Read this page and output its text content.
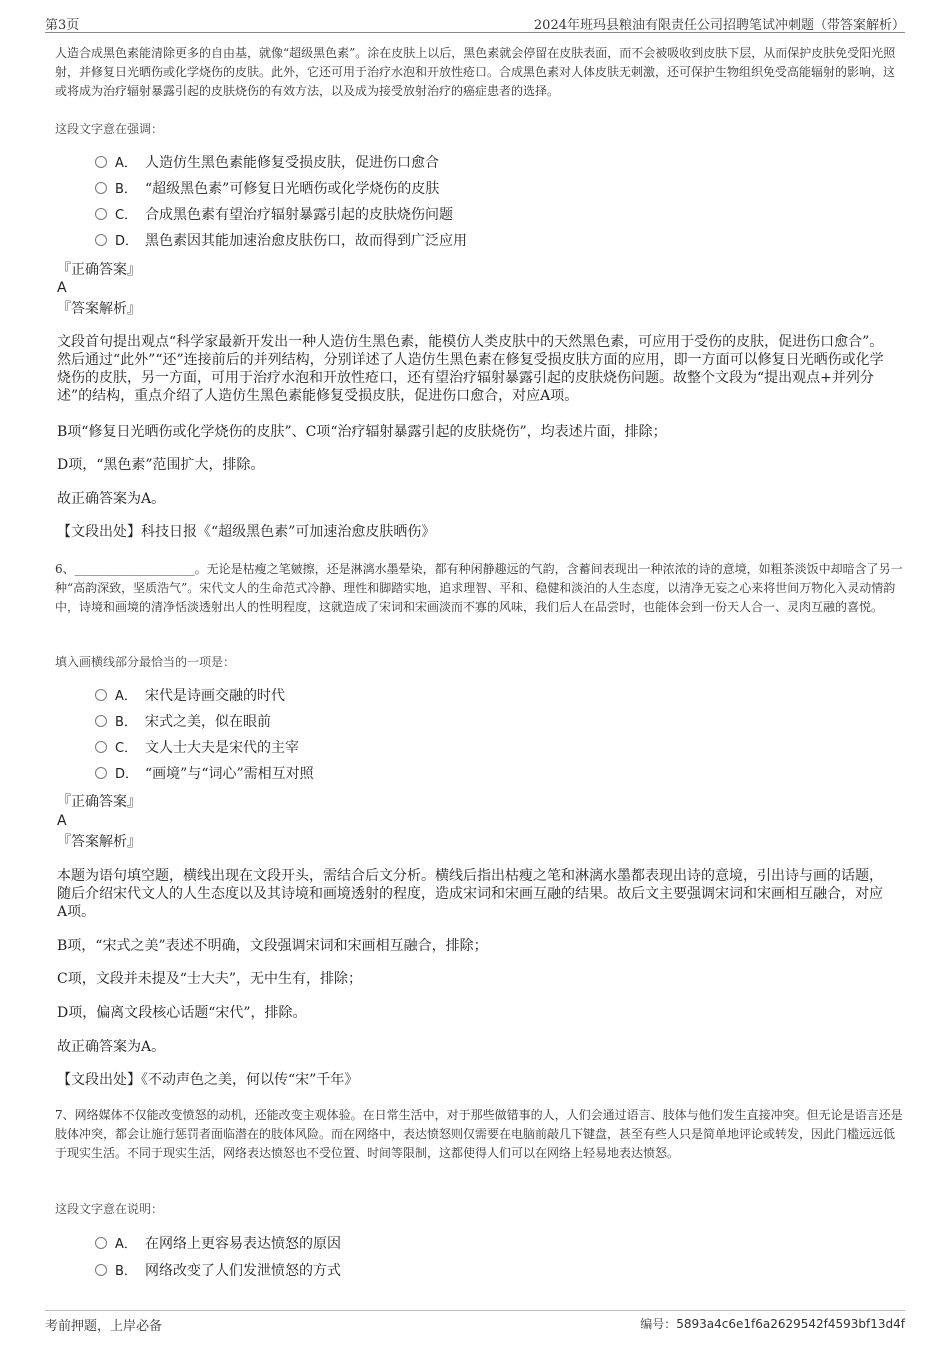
第3页	2024年班玛县粮油有限责任公司招聘笔试冲刺题（带答案解析）

人造合成黑色素能清除更多的自由基，就像“超级黑色素”。涂在皮肤上以后，黑色素就会停留在皮肤表面，而不会被吸收到皮肤下层，从而保护皮肤免受阳光照射，并修复日光晒伤或化学烧伤的皮肤。此外，它还可用于治疗水泡和开放性疮口。合成黑色素对人体皮肤无刺激，还可保护生物组织免受高能辐射的影响，这或将成为治疗辐射暴露引起的皮肤烧伤的有效方法，以及成为接受放射治疗的癌症患者的选择。

这段文字意在强调：

A． 人造仿生黑色素能修复受损皮肤，促进伤口愈合
B． “超级黑色素”可修复日光晒伤或化学烧伤的皮肤
C． 合成黑色素有望治疗辐射暴露引起的皮肤烧伤问题
D． 黑色素因其能加速治愈皮肤伤口，故而得到广泛应用
『正确答案』
A
『答案解析』

文段首句提出观点“科学家最新开发出一种人造仿生黑色素，能模仿人类皮肤中的天然黑色素，可应用于受伤的皮肤，促进伤口愈合”。然后通过“此外”“还”连接前后的并列结构，分别详述了人造仿生黑色素在修复受损皮肤方面的应用，即一方面可以修复日光晒伤或化学烧伤的皮肤，另一方面，可用于治疗水泡和开放性疮口，还有望治疗辐射暴露引起的皮肤烧伤问题。故整个文段为“提出观点+并列分述”的结构，重点介绍了人造仿生黑色素能修复受损皮肤，促进伤口愈合，对应A项。

B项“修复日光晒伤或化学烧伤的皮肤”、C项“治疗辐射暴露引起的皮肤烧伤”，均表述片面，排除；

D项，“黑色素”范围扩大，排除。

故正确答案为A。

【文段出处】科技日报《“超级黑色素”可加速治愈皮肤晒伤》

6、____________________。无论是枯瘦之笔皴擦，还是淋漓水墨晕染，都有种闲静趣远的气韵，含蓄间表现出一种浓浓的诗的意境，如粗茶淡饭中却暗含了另一种“高韵深致，坚质浩气”。宋代文人的生命范式冷静、理性和脚踏实地，追求理智、平和、稳健和淡泊的人生态度，以清净无妄之心来将世间万物化入灵动情韵中，诗境和画境的清净恬淡透射出人的性明程度，这就造成了宋词和宋画淡而不寡的风味，我们后人在品尝时，也能体会到一份天人合一、灵肉互融的喜悦。

填入画横线部分最恰当的一项是：

A． 宋代是诗画交融的时代
B． 宋式之美，似在眼前
C． 文人士大夫是宋代的主宰
D． “画境”与“词心”需相互对照
『正确答案』
A
『答案解析』

本题为语句填空题，横线出现在文段开头，需结合后文分析。横线后指出枯瘦之笔和淋漓水墨都表现出诗的意境，引出诗与画的话题，随后介绍宋代文人的人生态度以及其诗境和画境透射的程度，造成宋词和宋画互融的结果。故后文主要强调宋词和宋画相互融合，对应A项。

B项，“宋式之美”表述不明确，文段强调宋词和宋画相互融合，排除；

C项，文段并未提及“士大夫”，无中生有，排除；

D项，偏离文段核心话题“宋代”，排除。

故正确答案为A。

【文段出处】《不动声色之美，何以传“宋”千年》

7、网络媒体不仅能改变愤怒的动机，还能改变主观体验。在日常生活中，对于那些做错事的人，人们会通过语言、肢体与他们发生直接冲突。但无论是语言还是肢体冲突，都会让施行惩罚者面临潜在的肢体风险。而在网络中，表达愤怒则仅需要在电脑前敲几下键盘，甚至有些人只是简单地评论或转发，因此门槛远远低于现实生活。不同于现实生活，网络表达愤怒也不受位置、时间等限制，这都使得人们可以在网络上轻易地表达愤怒。

这段文字意在说明：

A． 在网络上更容易表达愤怒的原因
B． 网络改变了人们发泄愤怒的方式
考前押题，上岸必备	编号：5893a4c6e1f6a2629542f4593bf13d4f
